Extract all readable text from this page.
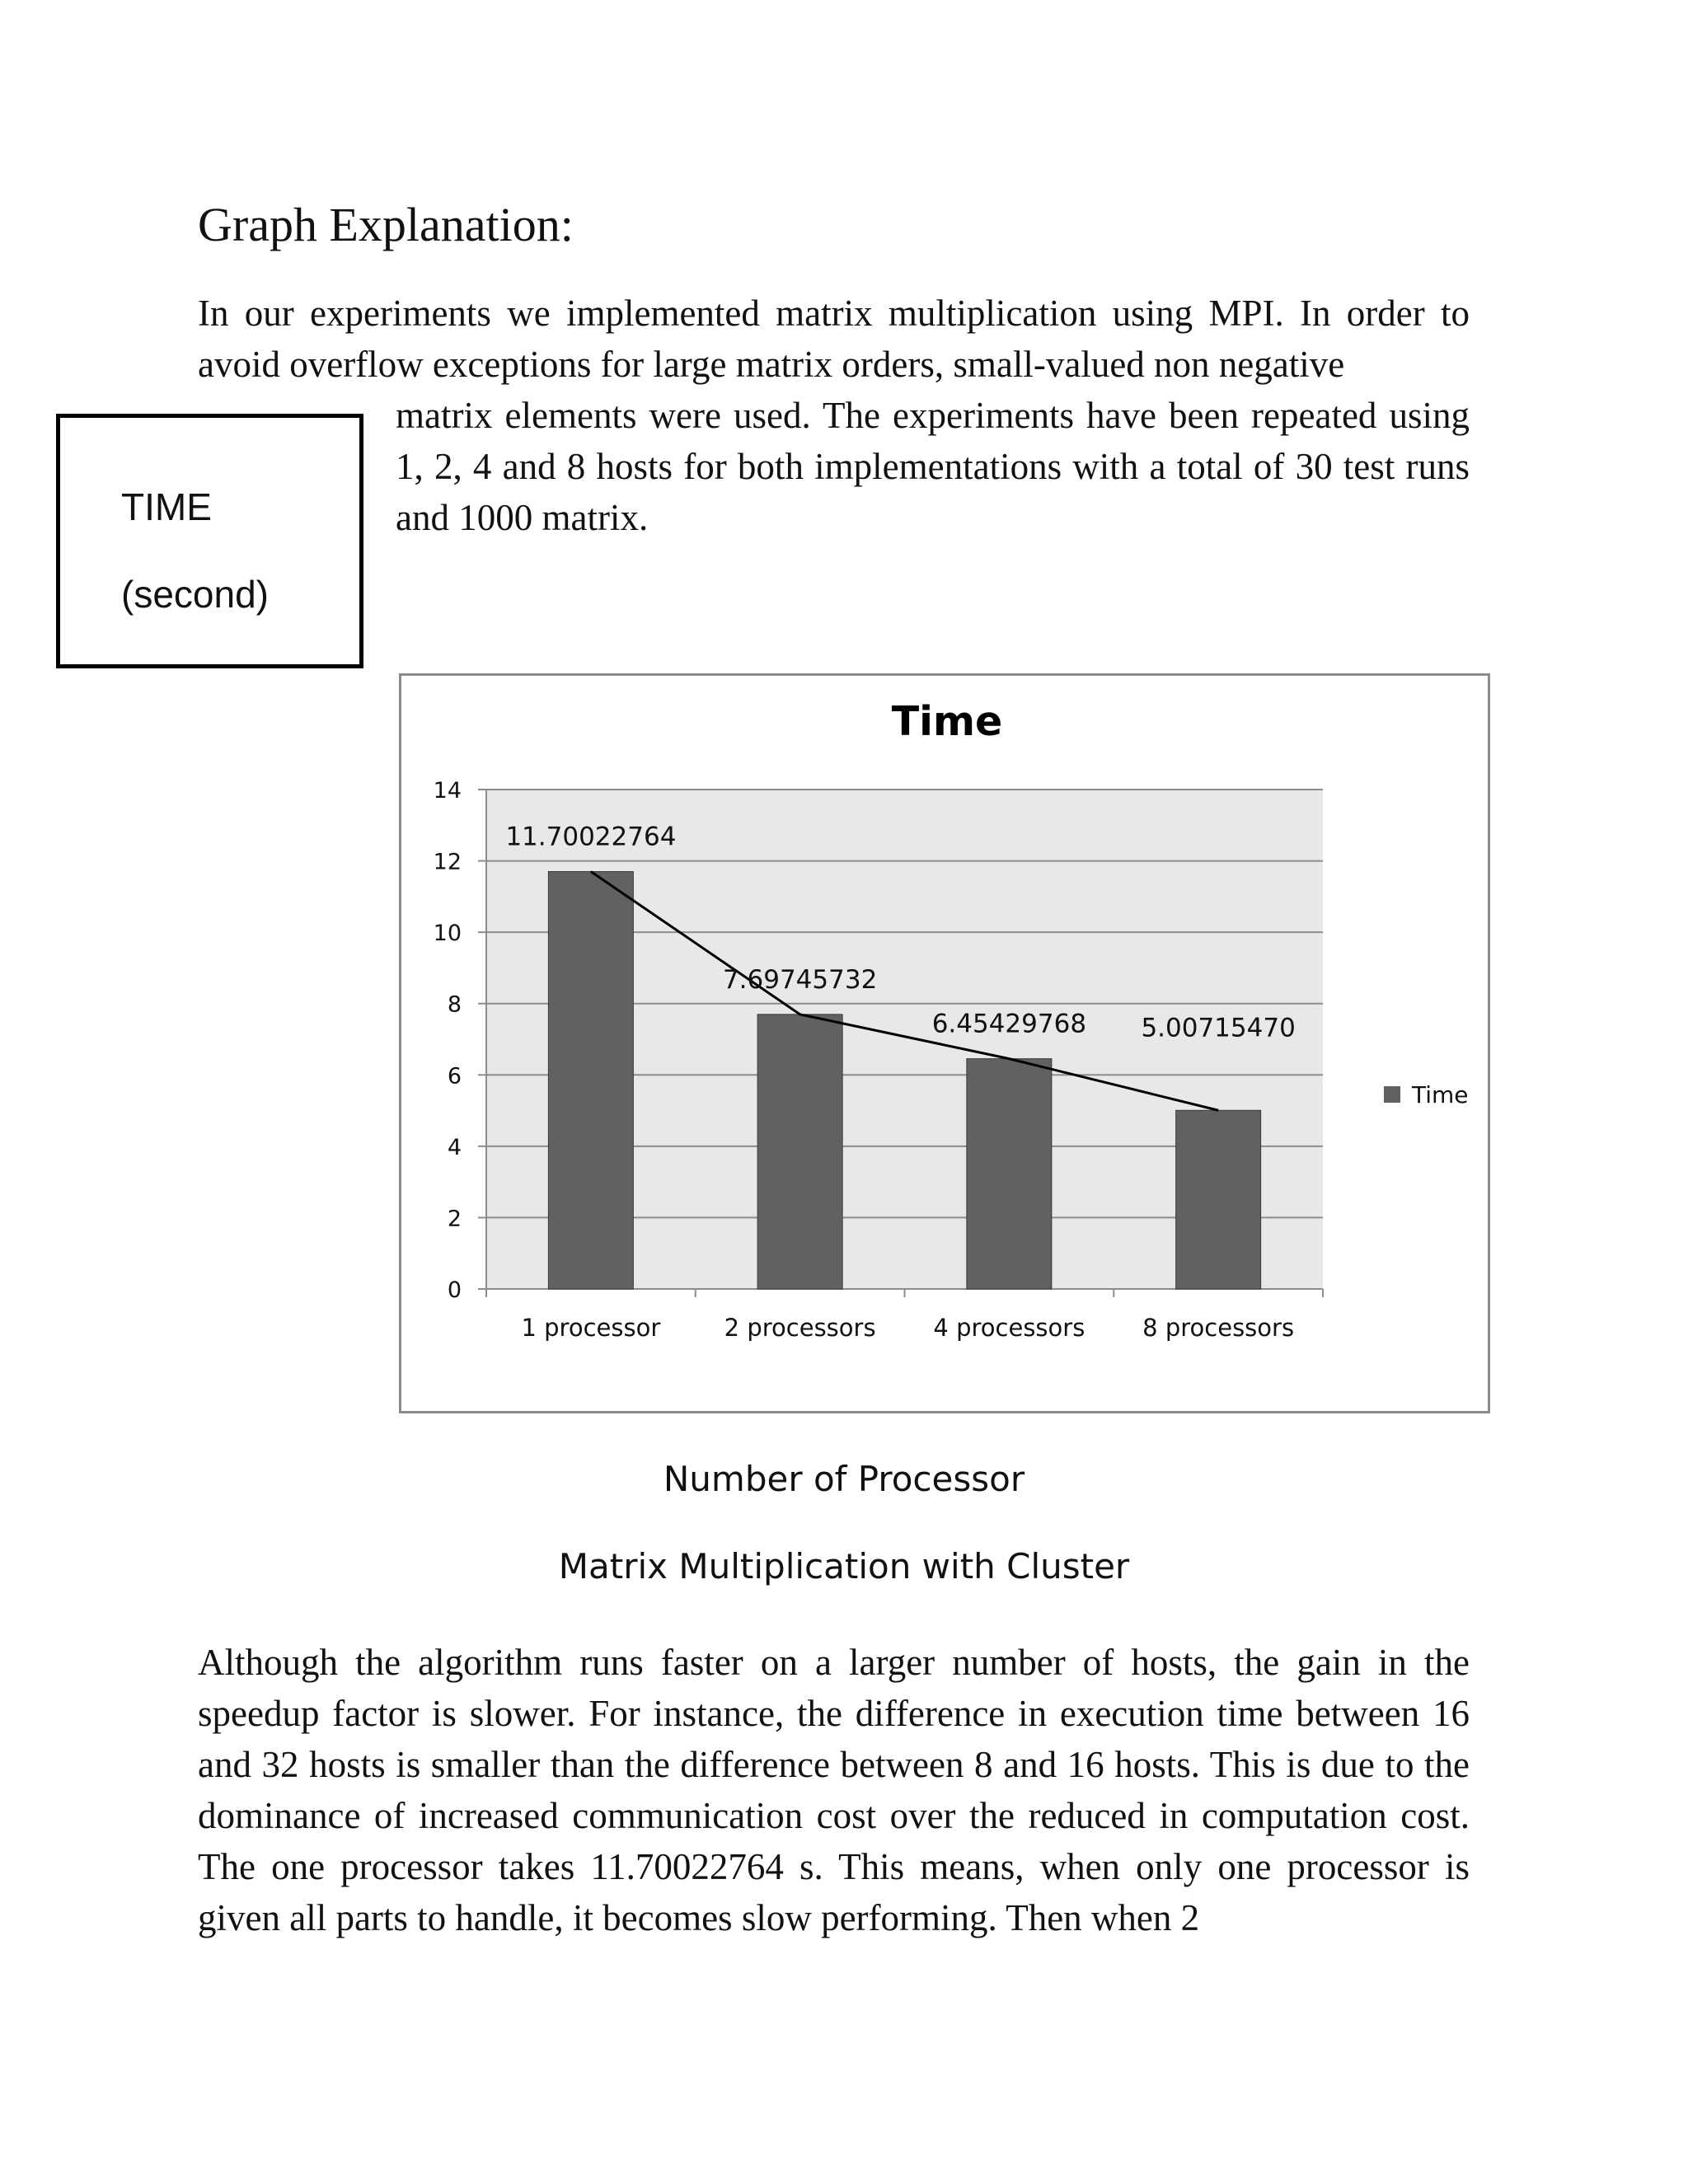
Graph Explanation:

In our experiments we implemented matrix multiplication using MPI. In order to avoid overflow exceptions for large matrix orders, small-valued non negative

matrix elements were used. The experiments have been repeated using 1, 2, 4 and 8 hosts for both implementations with a total of 30 test runs and 1000 matrix.

TIME
(second)
0
2
4
6
8
10
12
14
1 processor	2 processors 4 processors 8 processors
11.70022764
7.69745732
6.45429768 5.00715470
Time
Time
Number of Processor
Matrix Multiplication with Cluster

Although the algorithm runs faster on a larger number of hosts, the gain in the speedup factor is slower. For instance, the difference in execution time between 16 and 32 hosts is smaller than the difference between 8 and 16 hosts. This is due to the dominance of increased communication cost over the reduced in computation cost. The one processor takes 11.70022764 s. This means, when only one processor is given all parts to handle, it becomes slow performing. Then when 2
